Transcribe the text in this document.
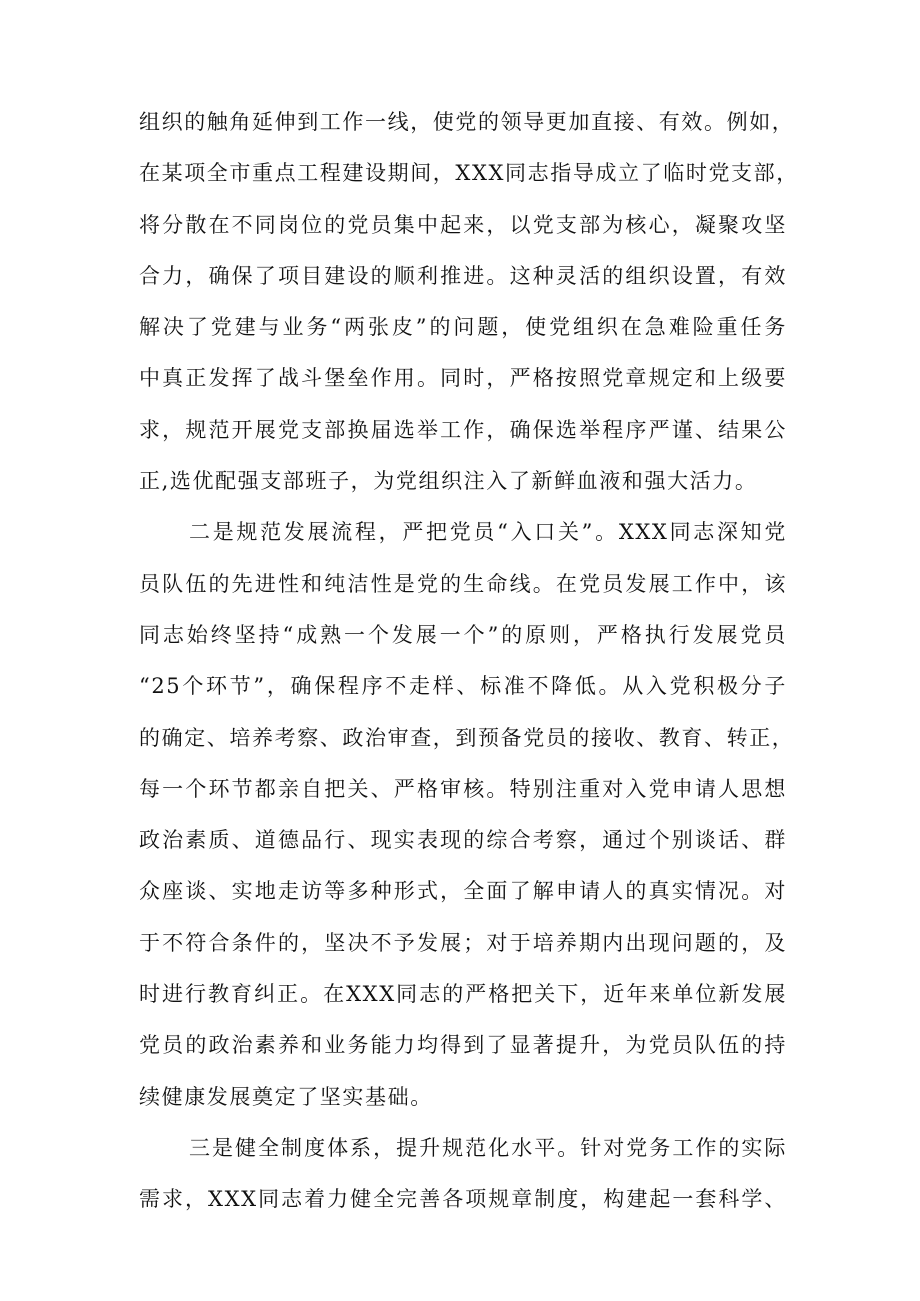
组织的触角延伸到工作一线，使党的领导更加直接、有效。例如，
在某项全市重点工程建设期间，XXX同志指导成立了临时党支部，
将分散在不同岗位的党员集中起来，以党支部为核心，凝聚攻坚
合力，确保了项目建设的顺利推进。这种灵活的组织设置，有效
解决了党建与业务“两张皮”的问题，使党组织在急难险重任务
中真正发挥了战斗堡垒作用。同时，严格按照党章规定和上级要
求，规范开展党支部换届选举工作，确保选举程序严谨、结果公
正,选优配强支部班子，为党组织注入了新鲜血液和强大活力。
二是规范发展流程，严把党员“入口关”。XXX同志深知党
员队伍的先进性和纯洁性是党的生命线。在党员发展工作中，该
同志始终坚持“成熟一个发展一个”的原则，严格执行发展党员
“25个环节”，确保程序不走样、标准不降低。从入党积极分子
的确定、培养考察、政治审查，到预备党员的接收、教育、转正，
每一个环节都亲自把关、严格审核。特别注重对入党申请人思想
政治素质、道德品行、现实表现的综合考察，通过个别谈话、群
众座谈、实地走访等多种形式，全面了解申请人的真实情况。对
于不符合条件的，坚决不予发展；对于培养期内出现问题的，及
时进行教育纠正。在XXX同志的严格把关下，近年来单位新发展
党员的政治素养和业务能力均得到了显著提升，为党员队伍的持
续健康发展奠定了坚实基础。
三是健全制度体系，提升规范化水平。针对党务工作的实际
需求，XXX同志着力健全完善各项规章制度，构建起一套科学、
